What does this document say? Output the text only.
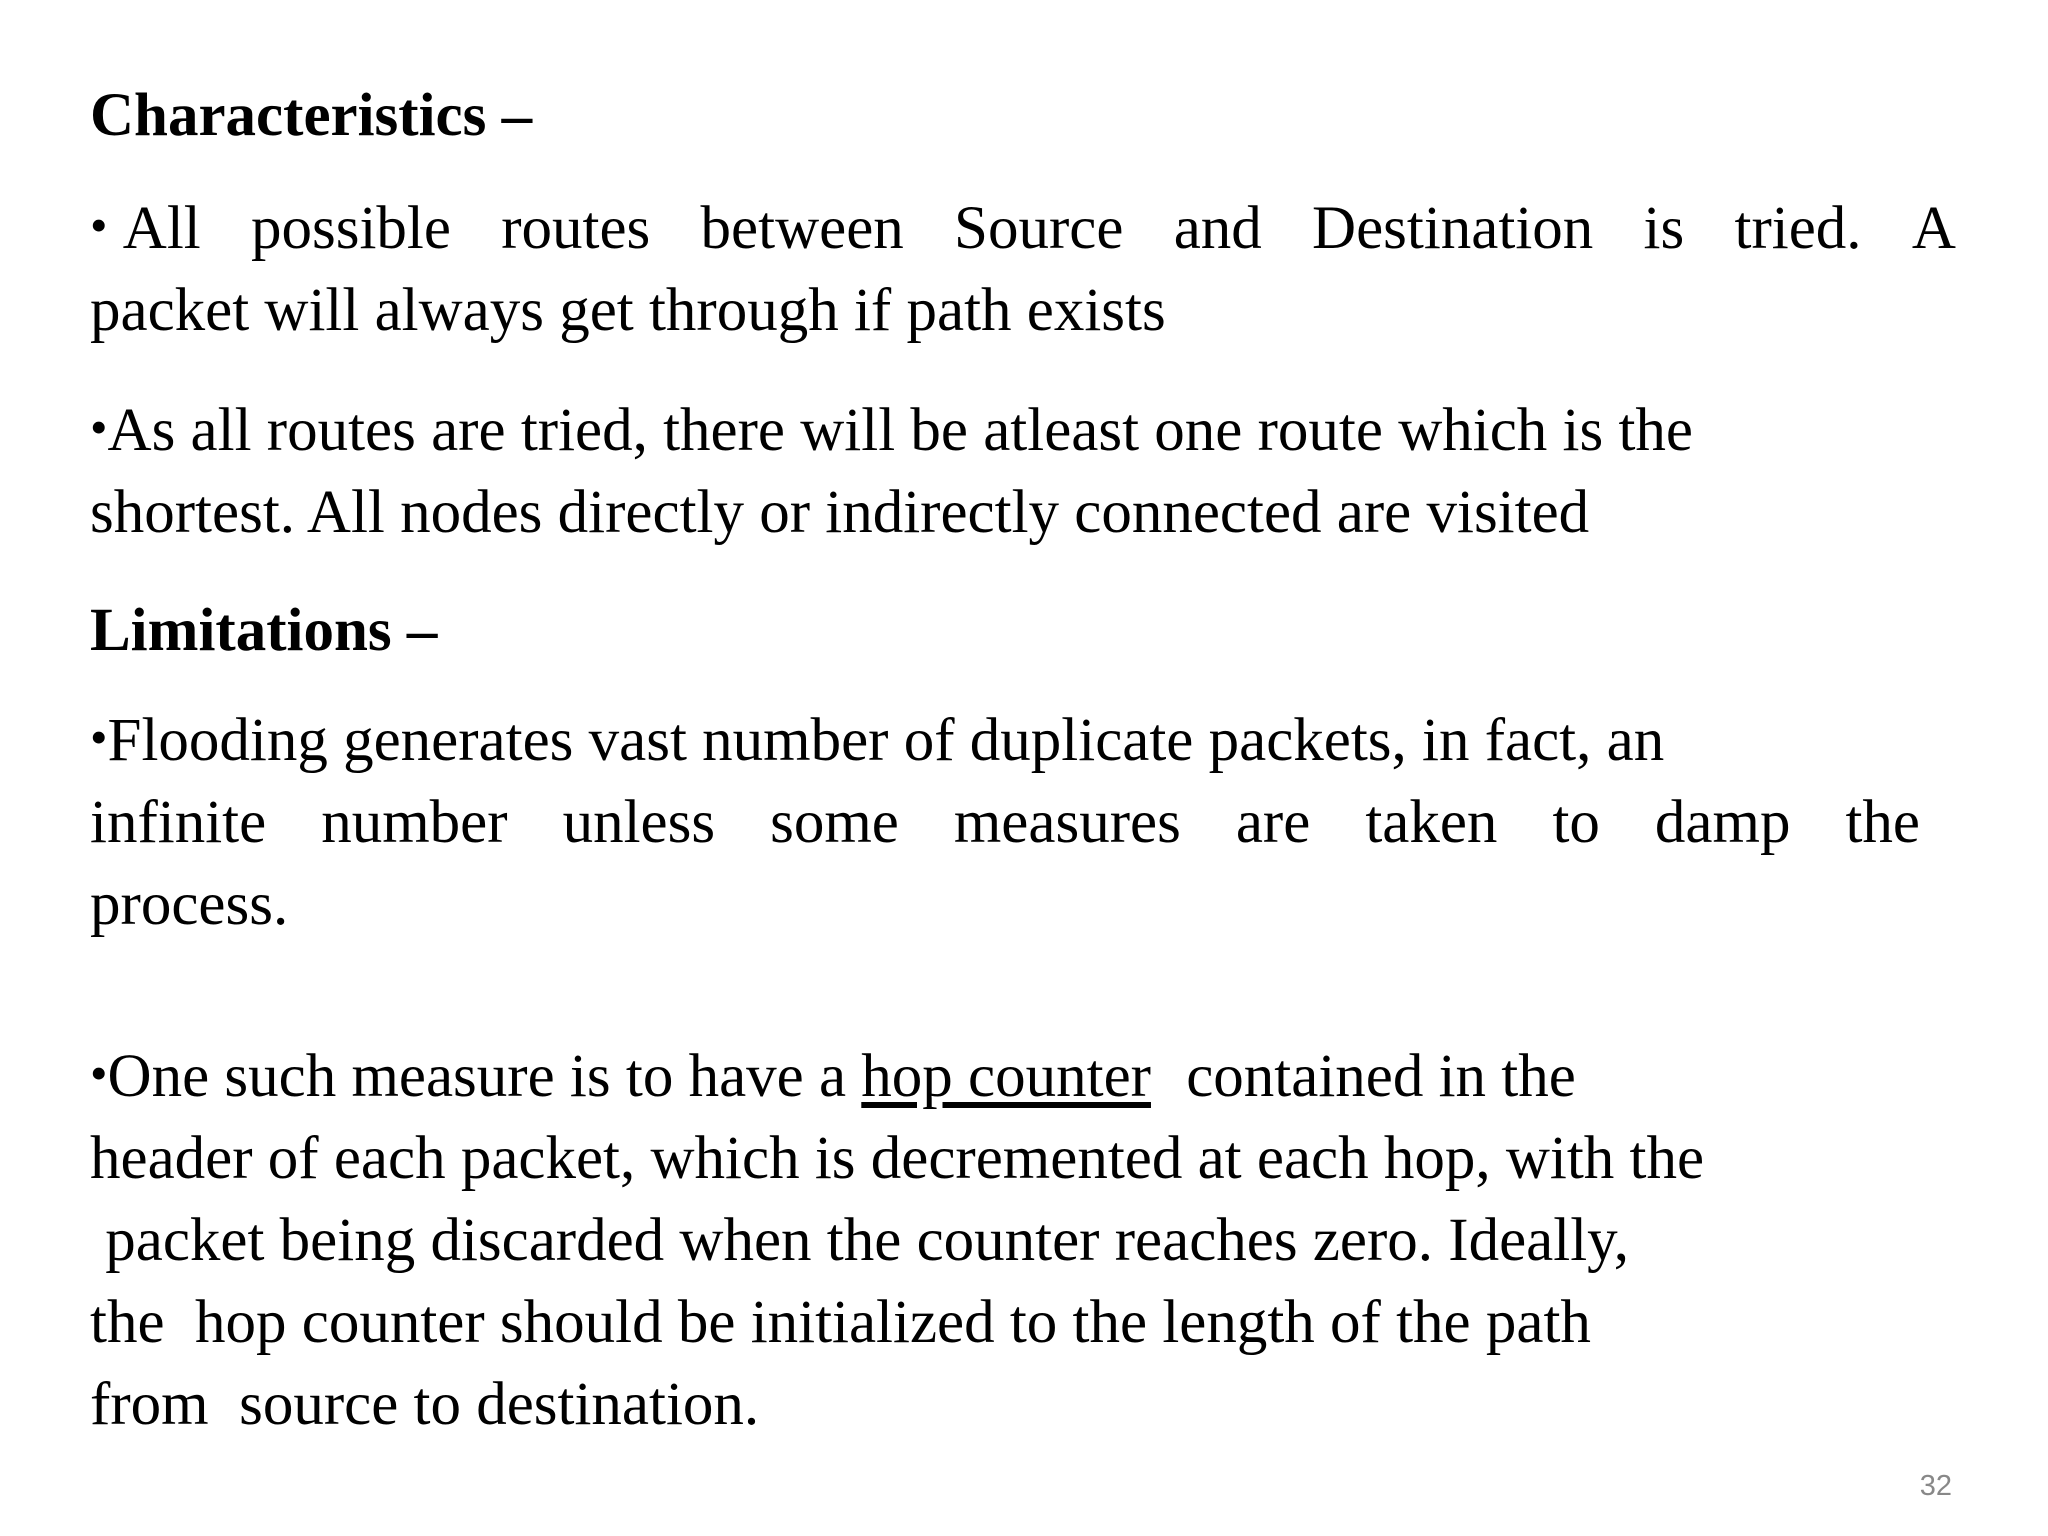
Characteristics –
• All possible routes between Source and Destination is tried. A
packet will always get through if path exists
•As all routes are tried, there will be atleast one route which is the
shortest. All nodes directly or indirectly connected are visited
Limitations –
•Flooding generates vast number of duplicate packets, in fact, an
infinite number unless some measures are taken to damp the
process.
•One such measure is to have a hop counter contained in the
header of each packet, which is decremented at each hop, with the
packet being discarded when the counter reaches zero. Ideally,
the  hop counter should be initialized to the length of the path
from  source to destination.
32
